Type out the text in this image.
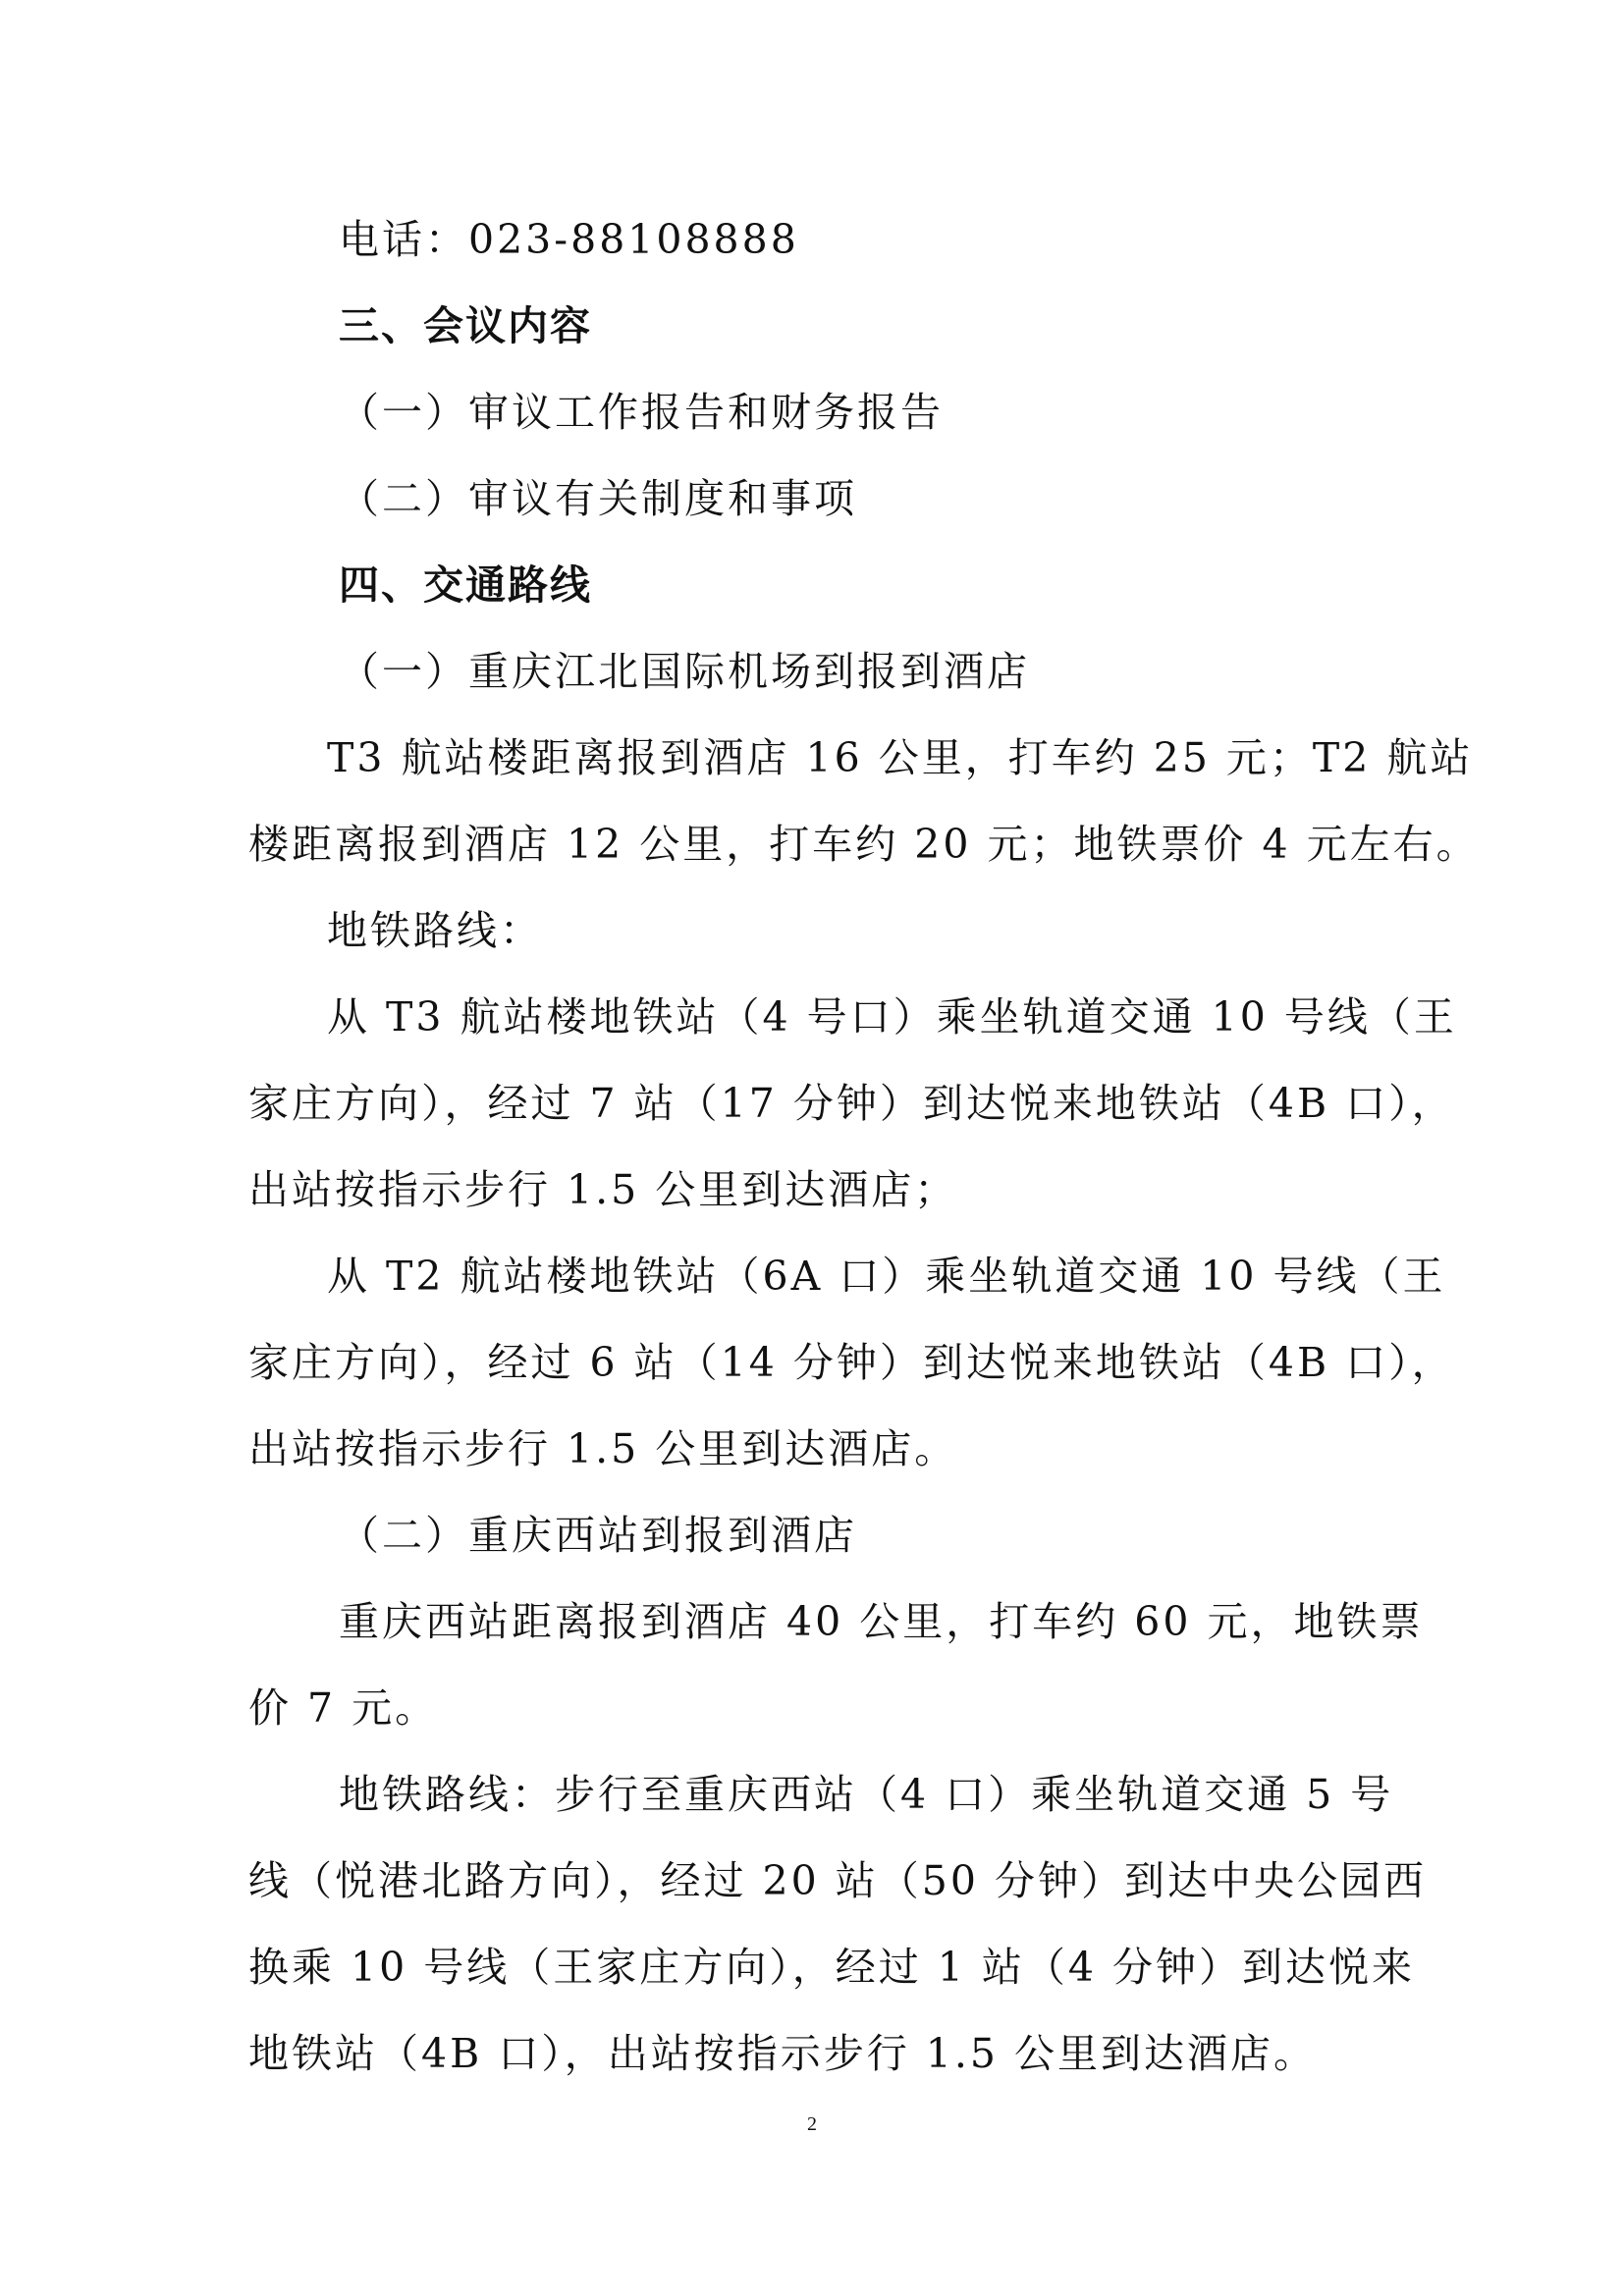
电话：023-88108888
三、会议内容
（一）审议工作报告和财务报告
（二）审议有关制度和事项
四、交通路线
（一）重庆江北国际机场到报到酒店
T3 航站楼距离报到酒店 16 公里，打车约 25 元；T2 航站
楼距离报到酒店 12 公里，打车约 20 元；地铁票价 4 元左右。
地铁路线：
从 T3 航站楼地铁站（4 号口）乘坐轨道交通 10 号线（王
家庄方向），经过 7 站（17 分钟）到达悦来地铁站（4B 口），
出站按指示步行 1.5 公里到达酒店；
从 T2 航站楼地铁站（6A 口）乘坐轨道交通 10 号线（王
家庄方向），经过 6 站（14 分钟）到达悦来地铁站（4B 口），
出站按指示步行 1.5 公里到达酒店。
（二）重庆西站到报到酒店
重庆西站距离报到酒店 40 公里，打车约 60 元，地铁票
价 7 元。
地铁路线：步行至重庆西站（4 口）乘坐轨道交通 5 号
线（悦港北路方向），经过 20 站（50 分钟）到达中央公园西
换乘 10 号线（王家庄方向），经过 1 站（4 分钟）到达悦来
地铁站（4B 口），出站按指示步行 1.5 公里到达酒店。
2
